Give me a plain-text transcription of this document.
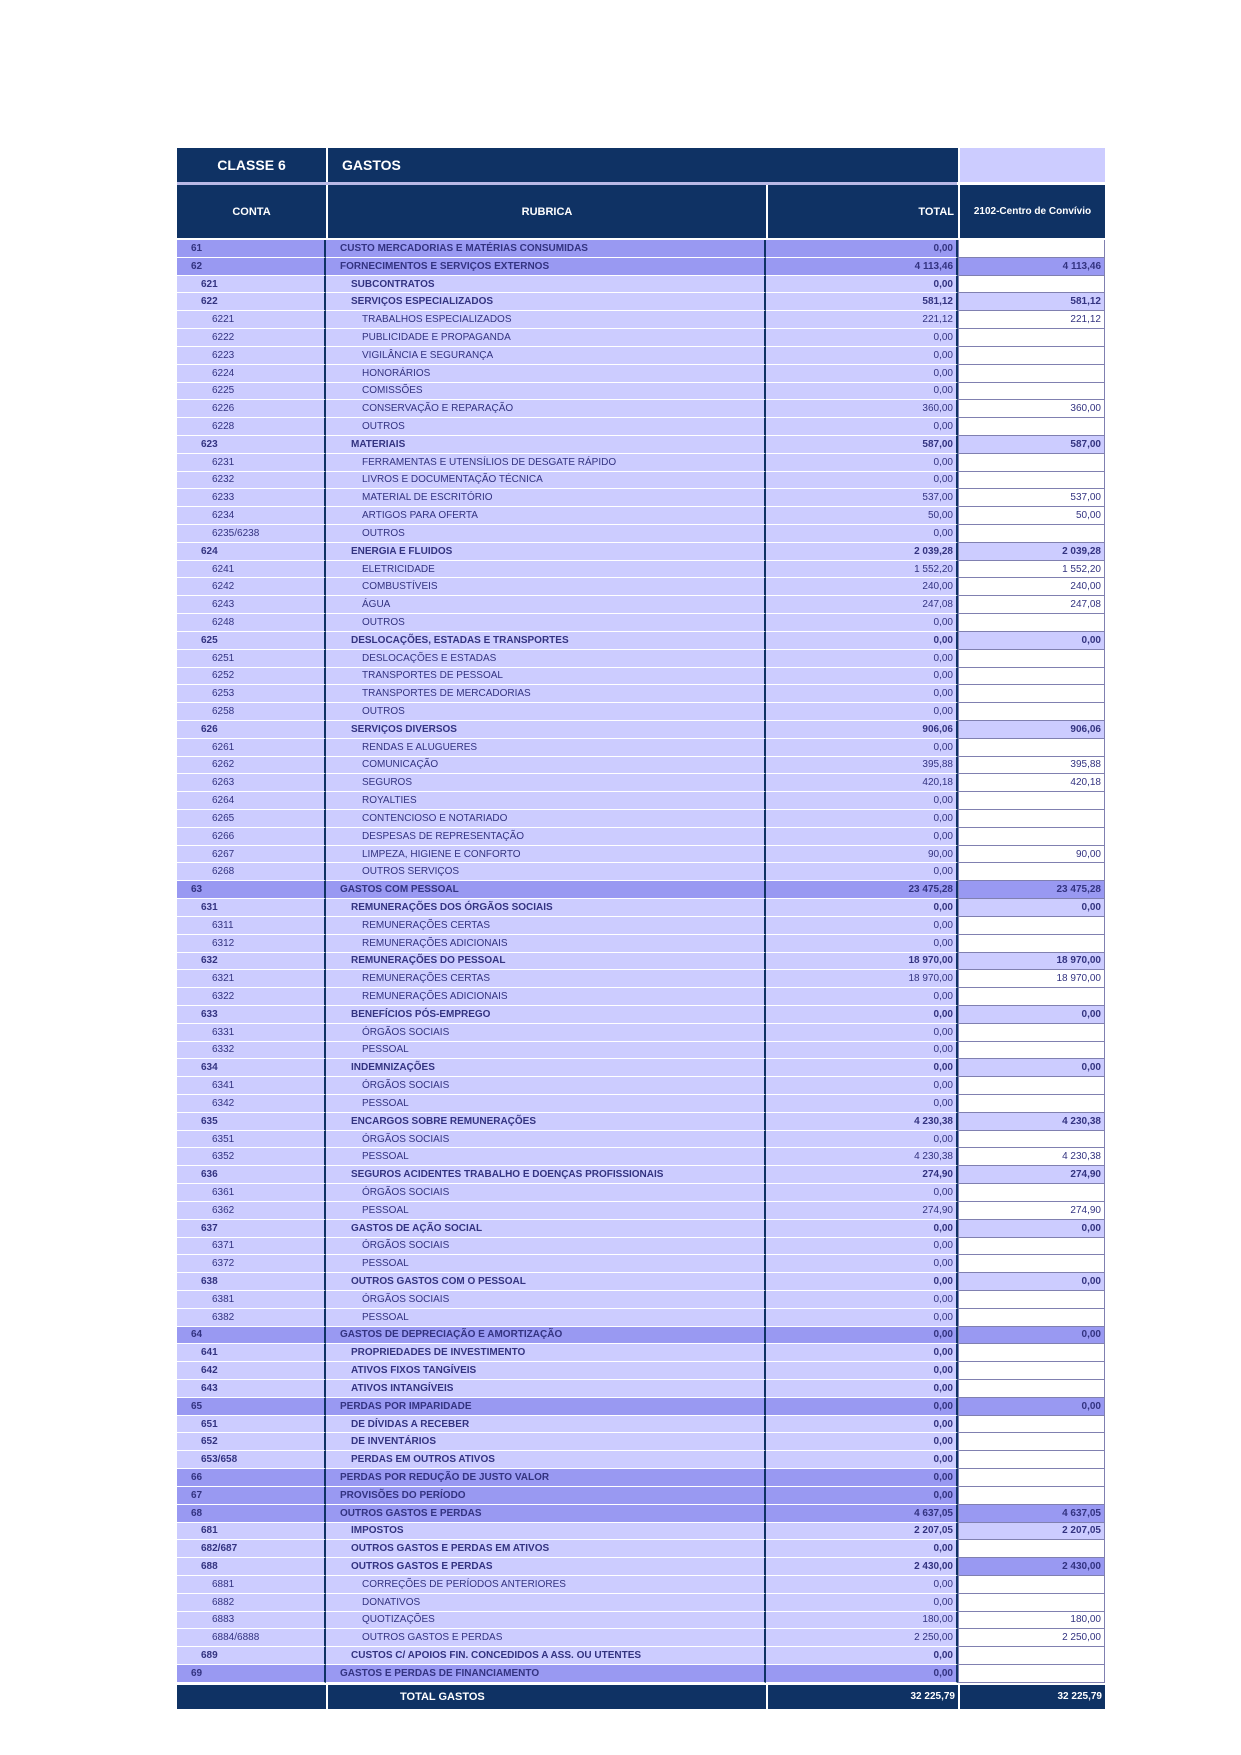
CLASSE 6	GASTOS
CONTA	RUBRICA	TOTAL	2102-Centro de Convívio
61	CUSTO MERCADORIAS E MATÉRIAS CONSUMIDAS	0,00
62	FORNECIMENTOS E SERVIÇOS EXTERNOS	4 113,46	4 113,46
621	SUBCONTRATOS	0,00
622	SERVIÇOS ESPECIALIZADOS	581,12	581,12
6221	TRABALHOS ESPECIALIZADOS	221,12	221,12
6222	PUBLICIDADE E PROPAGANDA	0,00
6223	VIGILÂNCIA E SEGURANÇA	0,00
6224	HONORÁRIOS	0,00
6225	COMISSÕES	0,00
6226	CONSERVAÇÃO E REPARAÇÃO	360,00	360,00
6228	OUTROS	0,00
623	MATERIAIS	587,00	587,00
6231	FERRAMENTAS E UTENSÍLIOS DE DESGATE RÁPIDO	0,00
6232	LIVROS E DOCUMENTAÇÃO TÉCNICA	0,00
6233	MATERIAL DE ESCRITÓRIO	537,00	537,00
6234	ARTIGOS PARA OFERTA	50,00	50,00
6235/6238	OUTROS	0,00
624	ENERGIA E FLUIDOS	2 039,28	2 039,28
6241	ELETRICIDADE	1 552,20	1 552,20
6242	COMBUSTÍVEIS	240,00	240,00
6243	ÁGUA	247,08	247,08
6248	OUTROS	0,00
625	DESLOCAÇÕES, ESTADAS E TRANSPORTES	0,00	0,00
6251	DESLOCAÇÕES E ESTADAS	0,00
6252	TRANSPORTES DE PESSOAL	0,00
6253	TRANSPORTES DE MERCADORIAS	0,00
6258	OUTROS	0,00
626	SERVIÇOS DIVERSOS	906,06	906,06
6261	RENDAS E ALUGUERES	0,00
6262	COMUNICAÇÃO	395,88	395,88
6263	SEGUROS	420,18	420,18
6264	ROYALTIES	0,00
6265	CONTENCIOSO E NOTARIADO	0,00
6266	DESPESAS DE REPRESENTAÇÃO	0,00
6267	LIMPEZA, HIGIENE E CONFORTO	90,00	90,00
6268	OUTROS SERVIÇOS	0,00
63	GASTOS COM PESSOAL	23 475,28	23 475,28
631	REMUNERAÇÕES DOS ÓRGÃOS SOCIAIS	0,00	0,00
6311	REMUNERAÇÕES CERTAS	0,00
6312	REMUNERAÇÕES ADICIONAIS	0,00
632	REMUNERAÇÕES DO PESSOAL	18 970,00	18 970,00
6321	REMUNERAÇÕES CERTAS	18 970,00	18 970,00
6322	REMUNERAÇÕES ADICIONAIS	0,00
633	BENEFÍCIOS PÓS-EMPREGO	0,00	0,00
6331	ÓRGÃOS SOCIAIS	0,00
6332	PESSOAL	0,00
634	INDEMNIZAÇÕES	0,00	0,00
6341	ÓRGÃOS SOCIAIS	0,00
6342	PESSOAL	0,00
635	ENCARGOS SOBRE REMUNERAÇÕES	4 230,38	4 230,38
6351	ÓRGÃOS SOCIAIS	0,00
6352	PESSOAL	4 230,38	4 230,38
636	SEGUROS ACIDENTES TRABALHO E DOENÇAS PROFISSIONAIS	274,90	274,90
6361	ÓRGÃOS SOCIAIS	0,00
6362	PESSOAL	274,90	274,90
637	GASTOS DE AÇÃO SOCIAL	0,00	0,00
6371	ÓRGÃOS SOCIAIS	0,00
6372	PESSOAL	0,00
638	OUTROS GASTOS COM O PESSOAL	0,00	0,00
6381	ÓRGÃOS SOCIAIS	0,00
6382	PESSOAL	0,00
64	GASTOS DE DEPRECIAÇÃO E AMORTIZAÇÃO	0,00	0,00
641	PROPRIEDADES DE INVESTIMENTO	0,00
642	ATIVOS FIXOS TANGÍVEIS	0,00
643	ATIVOS INTANGÍVEIS	0,00
65	PERDAS POR IMPARIDADE	0,00	0,00
651	DE DÍVIDAS A RECEBER	0,00
652	DE INVENTÁRIOS	0,00
653/658	PERDAS EM OUTROS ATIVOS	0,00
66	PERDAS POR REDUÇÃO DE JUSTO VALOR	0,00
67	PROVISÕES DO PERÍODO	0,00
68	OUTROS GASTOS E PERDAS	4 637,05	4 637,05
681	IMPOSTOS	2 207,05	2 207,05
682/687	OUTROS GASTOS E PERDAS EM ATIVOS	0,00
688	OUTROS GASTOS E PERDAS	2 430,00	2 430,00
6881	CORREÇÕES DE PERÍODOS ANTERIORES	0,00
6882	DONATIVOS	0,00
6883	QUOTIZAÇÕES	180,00	180,00
6884/6888	OUTROS GASTOS E PERDAS	2 250,00	2 250,00
689	CUSTOS C/ APOIOS FIN. CONCEDIDOS A ASS. OU UTENTES	0,00
69	GASTOS E PERDAS DE FINANCIAMENTO	0,00
TOTAL GASTOS	32 225,79	32 225,79
